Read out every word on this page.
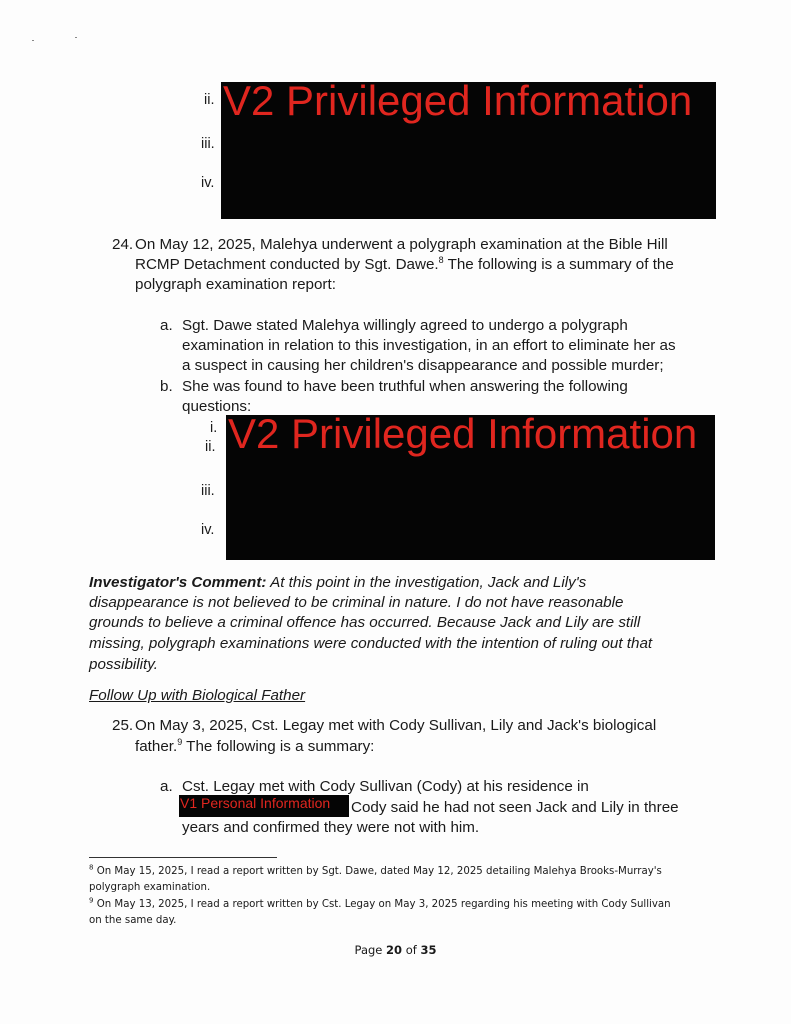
ii.
iii.
iv.
V2 Privileged Information
24. On May 12, 2025, Malehya underwent a polygraph examination at the Bible Hill
RCMP Detachment conducted by Sgt. Dawe.$^8$ The following is a summary of the
polygraph examination report:
a. Sgt. Dawe stated Malehya willingly agreed to undergo a polygraph
examination in relation to this investigation, in an effort to eliminate her as
a suspect in causing her children's disappearance and possible murder;
b. She was found to have been truthful when answering the following
questions:
i.
ii.
iii.
iv.
V2 Privileged Information
Investigator's Comment: At this point in the investigation, Jack and Lily's
disappearance is not believed to be criminal in nature. I do not have reasonable
grounds to believe a criminal offence has occurred. Because Jack and Lily are still
missing, polygraph examinations were conducted with the intention of ruling out that
possibility.
Follow Up with Biological Father
25. On May 3, 2025, Cst. Legay met with Cody Sullivan, Lily and Jack's biological
father.$^9$ The following is a summary:
a. Cst. Legay met with Cody Sullivan (Cody) at his residence in
V1 Personal Information Cody said he had not seen Jack and Lily in three
years and confirmed they were not with him.
$^8$ On May 15, 2025, I read a report written by Sgt. Dawe, dated May 12, 2025 detailing Malehya Brooks-Murray's
polygraph examination.
$^9$ On May 13, 2025, I read a report written by Cst. Legay on May 3, 2025 regarding his meeting with Cody Sullivan
on the same day.
Page 20 of 35
